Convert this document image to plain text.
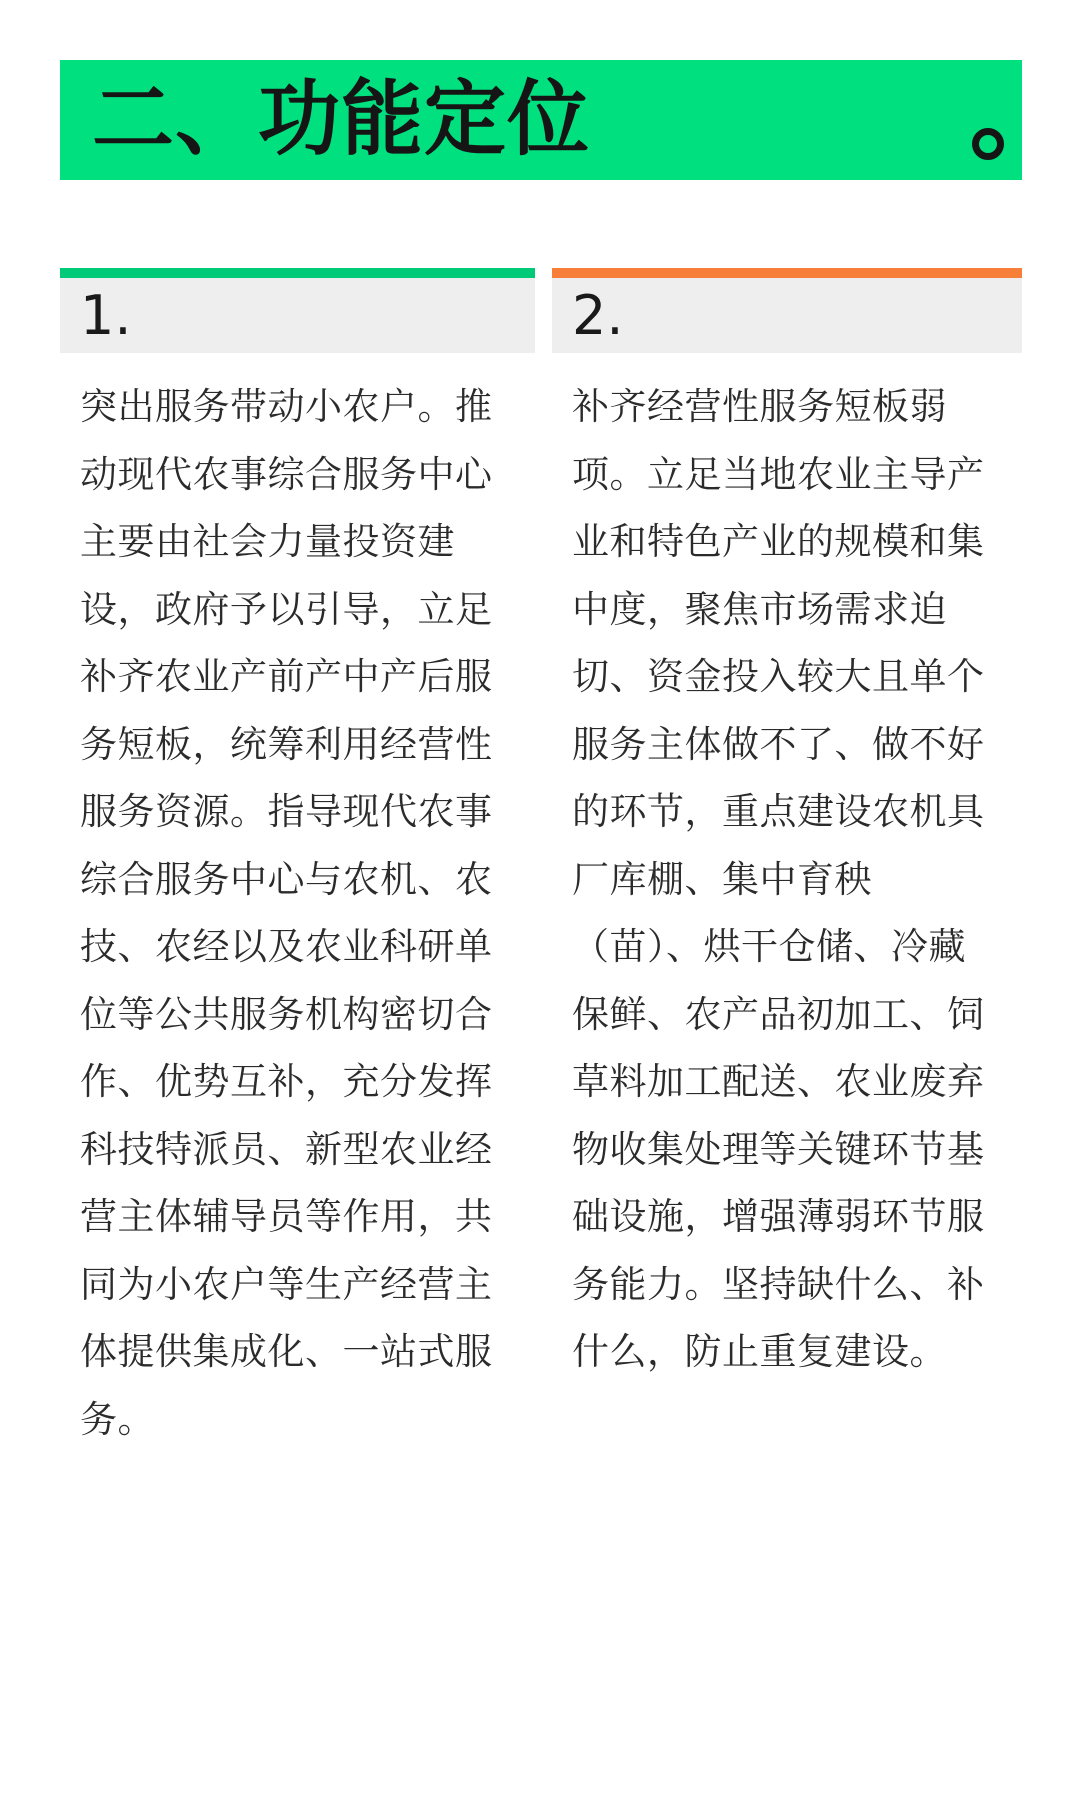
二、功能定位
1.
突出服务带动小农户。推动现代农事综合服务中心主要由社会力量投资建设，政府予以引导，立足补齐农业产前产中产后服务短板，统筹利用经营性服务资源。指导现代农事综合服务中心与农机、农技、农经以及农业科研单位等公共服务机构密切合作、优势互补，充分发挥科技特派员、新型农业经营主体辅导员等作用，共同为小农户等生产经营主体提供集成化、一站式服务。
2.
补齐经营性服务短板弱项。立足当地农业主导产业和特色产业的规模和集中度，聚焦市场需求迫切、资金投入较大且单个服务主体做不了、做不好的环节，重点建设农机具厂库棚、集中育秧（苗）、烘干仓储、冷藏保鲜、农产品初加工、饲草料加工配送、农业废弃物收集处理等关键环节基础设施，增强薄弱环节服务能力。坚持缺什么、补什么，防止重复建设。
